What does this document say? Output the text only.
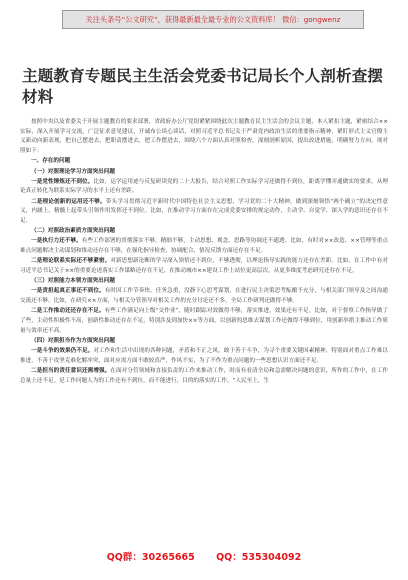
关注头条号“公文研究”，获得最新最全最专业的公文资料库！ 微信：gongwenz
主题教育专题民主生活会党委书记局长个人剖析查摆材料

按照中央以及省委关于开展主题教育的要求部署，省政府办公厅党组紧紧围绕此次主题教育民主生活会的会议主题，本人紧扣主题，紧密结合××实际，深入开展学习交流，广泛征求意见建议，开诚布公谈心谈话，对照习近平总书记关于严肃党内政治生活的重要指示精神，紧盯形式主义官僚主义新动向新表现，把自己摆进去，把职责摆进去，把工作摆进去，围绕六个方面认真对照检查，深刻剖析原因，提出改进措施，明确努力方向。现对照如下：

一、存在的问题

（一）对照理论学习方面突出问题

一是党性锤炼还不到位。比如，运学运用迹与反复研读党的二十大报告，结合对照工作实际学习还做得不到位，距离学懂弄通做实的要求，从理论真正转化为联系实际学习的水平上还有差距。

二是理论创新的运用还不够。带头学习贯彻习近平新时代中国特色社会主义思想，学习党的二十大精神，做到深刻领悟“两个确立”的决定性意义，内涵上，精髓上起带头引领作用发挥还不到位。比如，在推动学习方面存在完成党委安排的规定动作，主动学、自觉学、深入学的意识还存在不足。

（二）对照政治素质方面突出问题

一是执行力还不够。有些工作部署的贯彻落实不够，精细不够，主动思想、观念、思路等协调还不通透。比如，有时对××改造、××管理等重点难点问题解决主动谋划和推动还存在不够，在强化指导检查，协调配合，情况反馈方面还存在不足。

二是理论联系实际还不够紧密。对新思想新论断的学习深入领悟还不到位，不够透彻，以理论指导实践的能力还存在差距。比如，在工作中有对习近平总书记关于××的重要论述落实工作谋略还存在不足，在推动城市××建设工作上站位更高层次，从更多维度考虑研究还存在不足。

（三）对照能力本领方面突出问题

一是责担起真正事还不到位。有时因工作节奏快、任务急重，没静下心思考谋划，在进行民主决策思考酝酿不充分，与相关部门领导及之间沟通交流还不够。比如，在研究××方面，与相关分管领导对相关工作的充分讨论还不多，全局工作研判还做得不够。

二是工作推动还还存在不足。有些工作满足向上级“交作业”，随时跟踪对效做得不够，落实推进，效果还有不足。比如，对于督察工作指导做了了些，主动性积极性不高，创新性推动还存在不足，特别涉及到加快××等方面，以创新的思维去谋划工作还做得不够到位，用创新举措主推动工作质量与效率还不高。

（四）对照担当作为方面突出问题

一是斗争的效果仍不足。对工作和生活中出现的各种问题，矛盾和不正之风，敢于善于斗争，为寻个重要关键因素精神，特别面对重点工作难以推进，不善于攻坚克难化解冲突，面对应需方面不敢较真严，作风不实，为了不作为重点问题的一些思想认识方面还不足。

二是担当的责任意识还需增强。在面对分管领域和直接负责的工作来推动工作，时而有看清全局和急需解决问题的意识，所作的工作中，在工作总量上还不足。是工作问题人为的工作还有不到位，而不能进行，目的的落实的工作，“人民至上，生

QQ群：30265665 QQ：535304092
